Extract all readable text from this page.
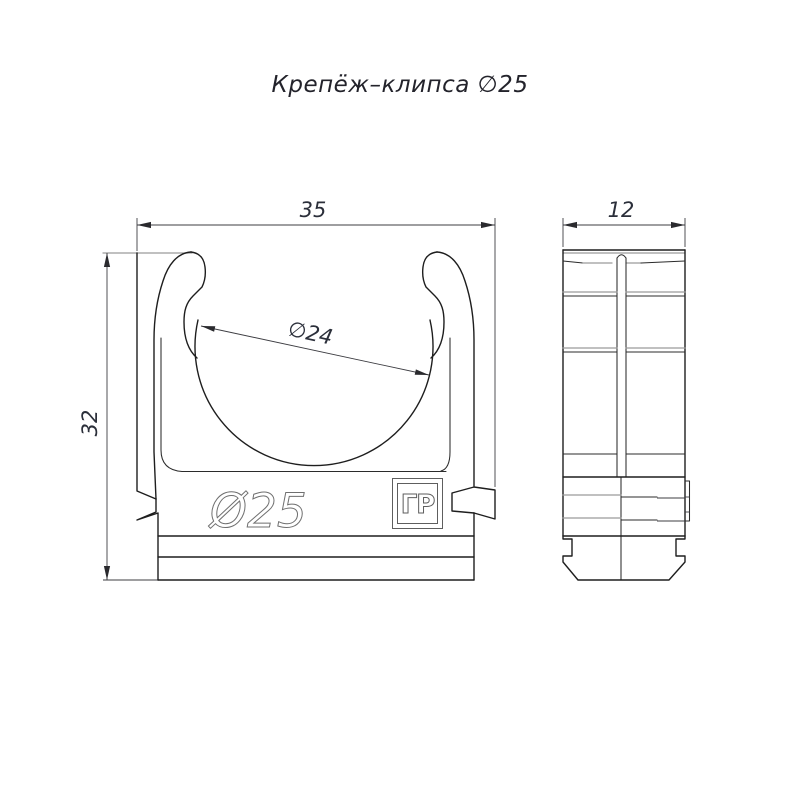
Крепёж–клипса ∅25
35
32
∅24
Ø25	ГР
12
